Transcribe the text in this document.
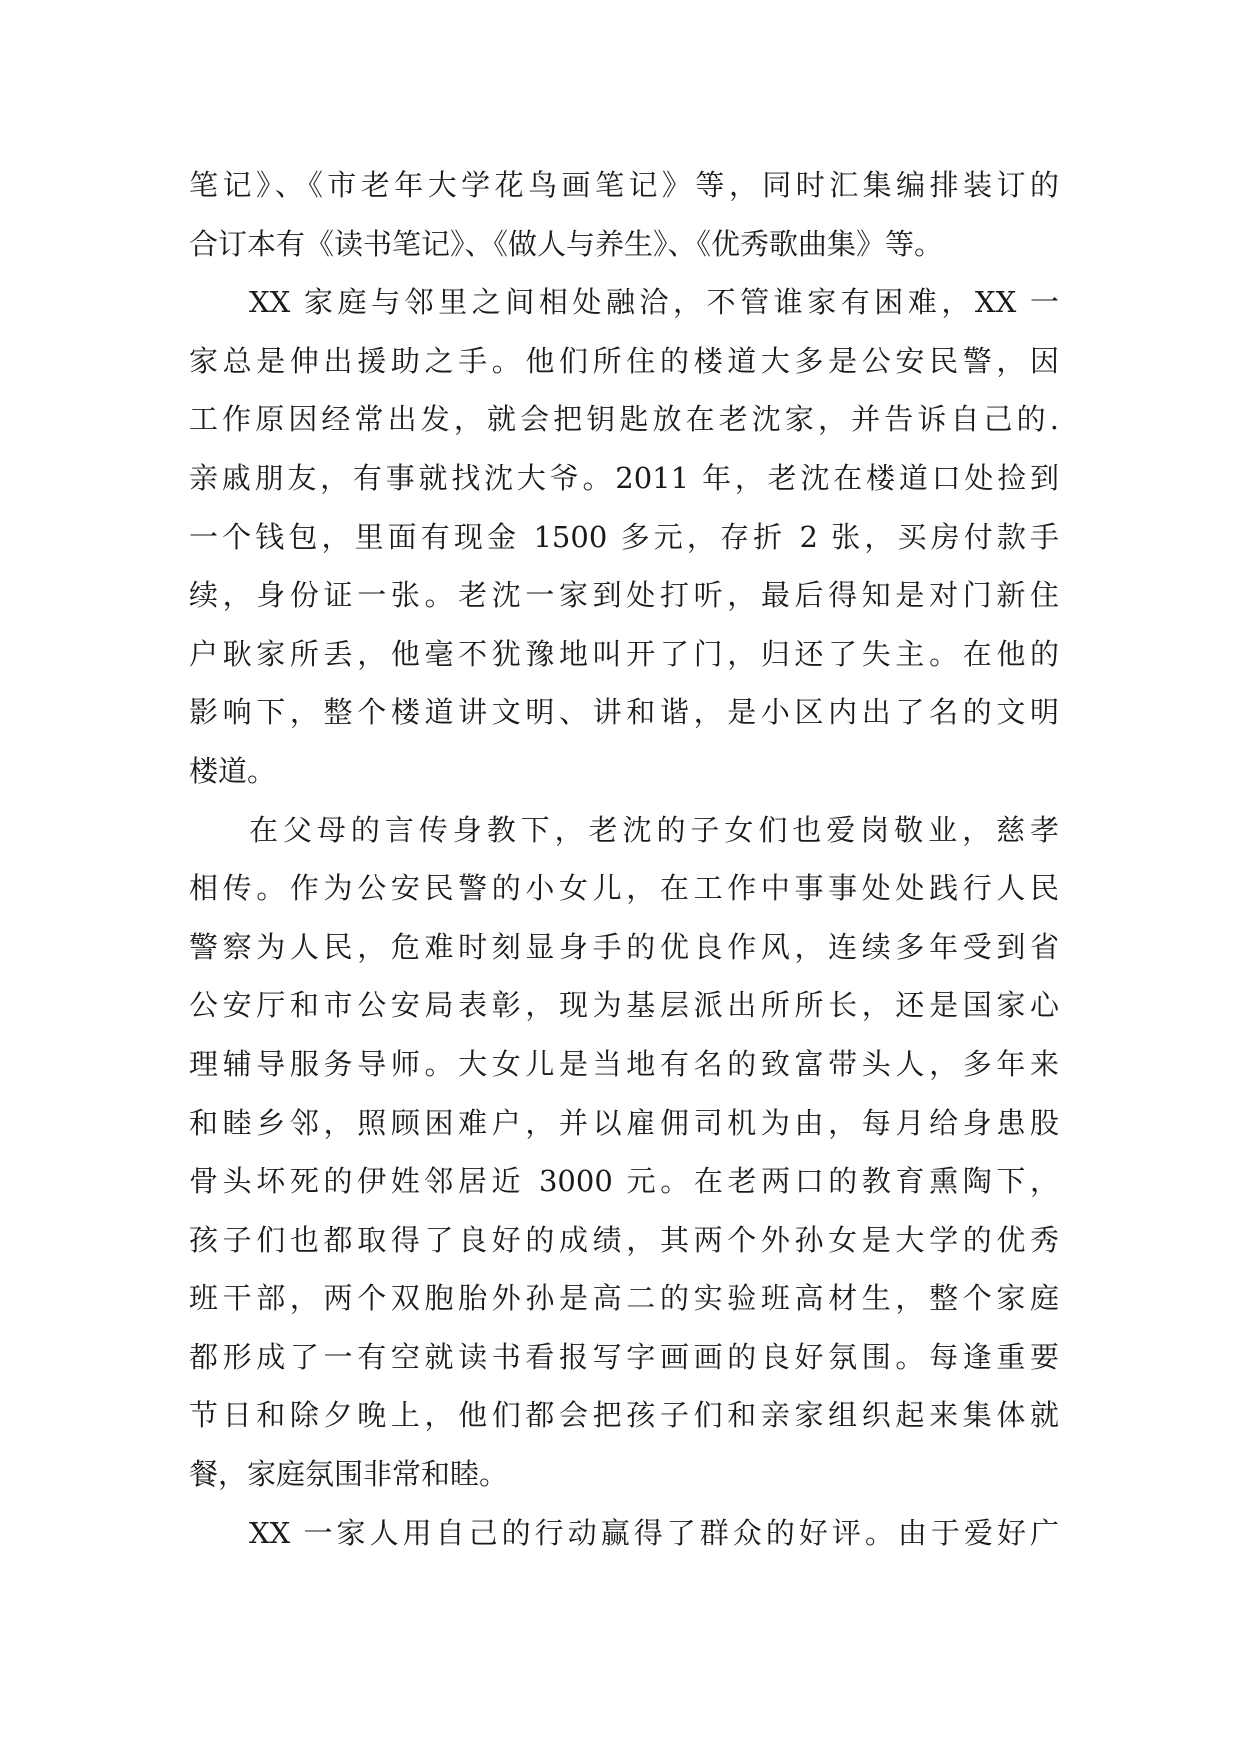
笔记》、《市老年大学花鸟画笔记》等，同时汇集编排装订的
合订本有《读书笔记》、《做人与养生》、《优秀歌曲集》等。
XX 家庭与邻里之间相处融洽，不管谁家有困难，XX 一
家总是伸出援助之手。他们所住的楼道大多是公安民警，因
工作原因经常出发，就会把钥匙放在老沈家，并告诉自己的.
亲戚朋友，有事就找沈大爷。2011 年，老沈在楼道口处捡到
一个钱包，里面有现金 1500 多元，存折 2 张，买房付款手
续，身份证一张。老沈一家到处打听，最后得知是对门新住
户耿家所丢，他毫不犹豫地叫开了门，归还了失主。在他的
影响下，整个楼道讲文明、讲和谐，是小区内出了名的文明
楼道。
在父母的言传身教下，老沈的子女们也爱岗敬业，慈孝
相传。作为公安民警的小女儿，在工作中事事处处践行人民
警察为人民，危难时刻显身手的优良作风，连续多年受到省
公安厅和市公安局表彰，现为基层派出所所长，还是国家心
理辅导服务导师。大女儿是当地有名的致富带头人，多年来
和睦乡邻，照顾困难户，并以雇佣司机为由，每月给身患股
骨头坏死的伊姓邻居近 3000 元。在老两口的教育熏陶下，
孩子们也都取得了良好的成绩，其两个外孙女是大学的优秀
班干部，两个双胞胎外孙是高二的实验班高材生，整个家庭
都形成了一有空就读书看报写字画画的良好氛围。每逢重要
节日和除夕晚上，他们都会把孩子们和亲家组织起来集体就
餐，家庭氛围非常和睦。
XX 一家人用自己的行动赢得了群众的好评。由于爱好广
